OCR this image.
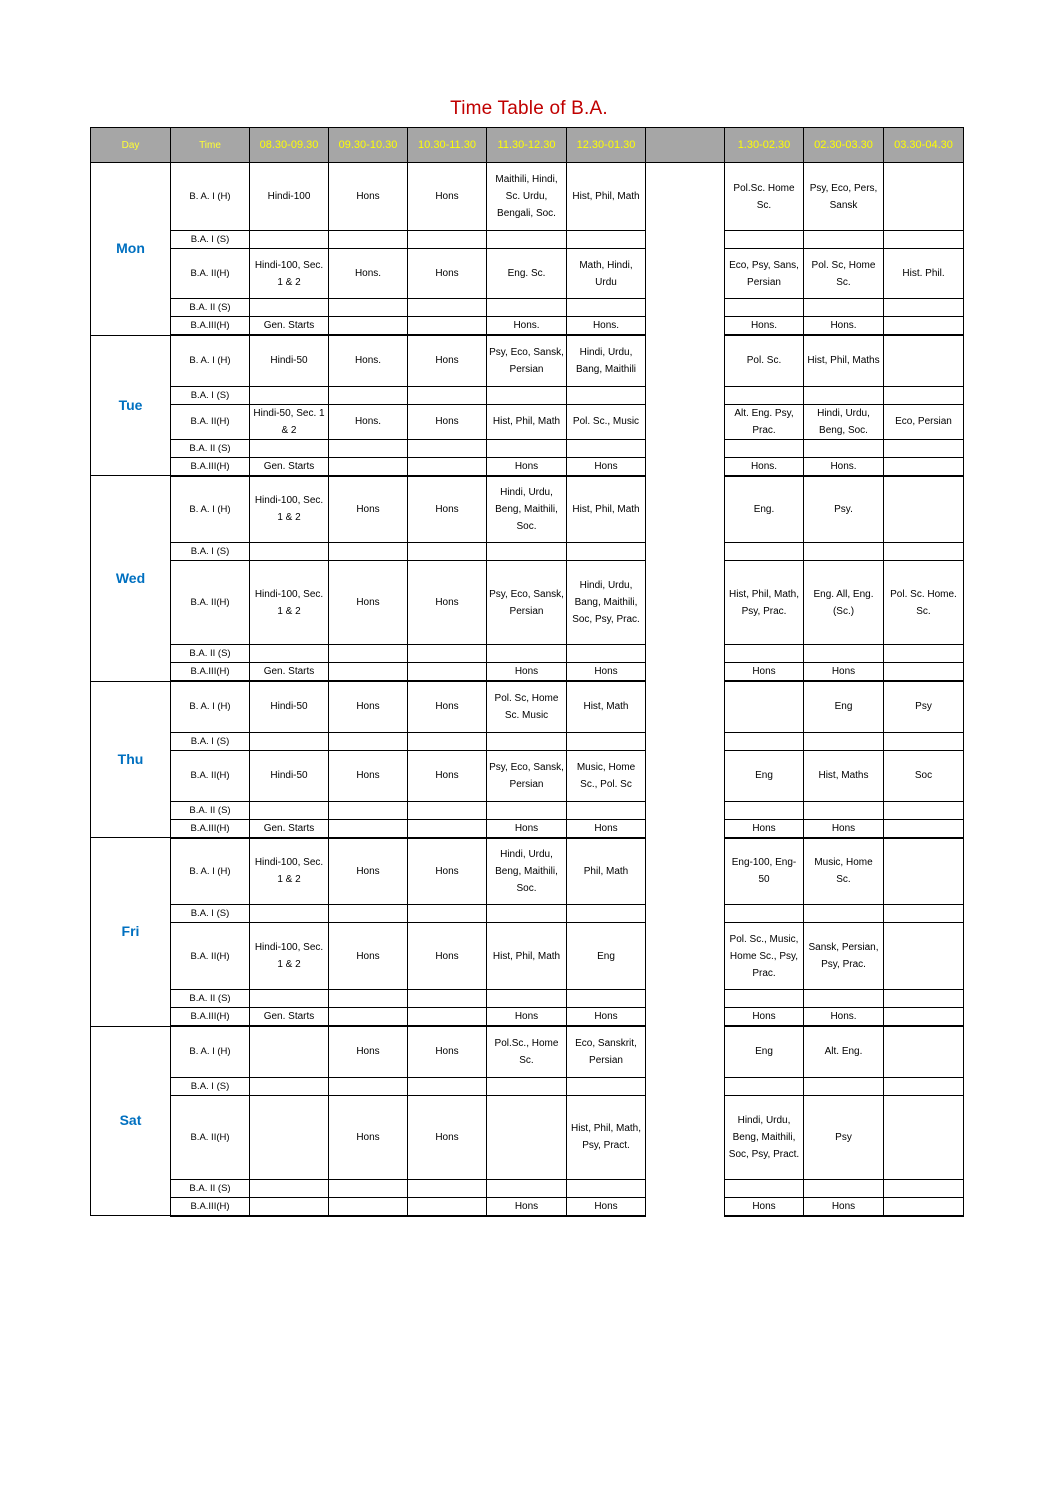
Time Table of B.A.
Day	Time	08.30-09.30	09.30-10.30	10.30-11.30	11.30-12.30	12.30-01.30		1.30-02.30	02.30-03.30	03.30-04.30
Mon	B. A. I (H)	Hindi-100	Hons	Hons	Maithili, Hindi, Sc. Urdu, Bengali, Soc.	Hist, Phil, Math		Pol.Sc. Home Sc.	Psy, Eco, Pers, Sansk	
	B.A. I (S)									
	B.A. II(H)	Hindi-100, Sec. 1 & 2	Hons.	Hons	Eng. Sc.	Math, Hindi, Urdu		Eco, Psy, Sans, Persian	Pol. Sc, Home Sc.	Hist. Phil.
	B.A. II (S)									
	B.A.III(H)	Gen. Starts			Hons.	Hons.		Hons.	Hons.	
Tue	B. A. I (H)	Hindi-50	Hons.	Hons	Psy, Eco, Sansk, Persian	Hindi, Urdu, Bang, Maithili		Pol. Sc.	Hist, Phil, Maths	
	B.A. I (S)									
	B.A. II(H)	Hindi-50, Sec. 1 & 2	Hons.	Hons	Hist, Phil, Math	Pol. Sc., Music		Alt. Eng. Psy, Prac.	Hindi, Urdu, Beng, Soc.	Eco, Persian
	B.A. II (S)									
	B.A.III(H)	Gen. Starts			Hons	Hons		Hons.	Hons.	
Wed	B. A. I (H)	Hindi-100, Sec. 1 & 2	Hons	Hons	Hindi, Urdu, Beng, Maithili, Soc.	Hist, Phil, Math		Eng.	Psy.	
	B.A. I (S)									
	B.A. II(H)	Hindi-100, Sec. 1 & 2	Hons	Hons	Psy, Eco, Sansk, Persian	Hindi, Urdu, Bang, Maithili, Soc, Psy, Prac.		Hist, Phil, Math, Psy, Prac.	Eng. All, Eng. (Sc.)	Pol. Sc. Home. Sc.
	B.A. II (S)									
	B.A.III(H)	Gen. Starts			Hons	Hons		Hons	Hons	
Thu	B. A. I (H)	Hindi-50	Hons	Hons	Pol. Sc, Home Sc. Music	Hist, Math			Eng	Psy
	B.A. I (S)									
	B.A. II(H)	Hindi-50	Hons	Hons	Psy, Eco, Sansk, Persian	Music, Home Sc., Pol. Sc		Eng	Hist, Maths	Soc
	B.A. II (S)									
	B.A.III(H)	Gen. Starts			Hons	Hons		Hons	Hons	
Fri	B. A. I (H)	Hindi-100, Sec. 1 & 2	Hons	Hons	Hindi, Urdu, Beng, Maithili, Soc.	Phil, Math		Eng-100, Eng-50	Music, Home Sc.	
	B.A. I (S)									
	B.A. II(H)	Hindi-100, Sec. 1 & 2	Hons	Hons	Hist, Phil, Math	Eng		Pol. Sc., Music, Home Sc., Psy, Prac.	Sansk, Persian, Psy, Prac.	
	B.A. II (S)									
	B.A.III(H)	Gen. Starts			Hons	Hons		Hons	Hons.	
Sat	B. A. I (H)		Hons	Hons	Pol.Sc., Home Sc.	Eco, Sanskrit, Persian		Eng	Alt. Eng.	
	B.A. I (S)									
	B.A. II(H)		Hons	Hons		Hist, Phil, Math, Psy, Pract.		Hindi, Urdu, Beng, Maithili, Soc, Psy, Pract.	Psy	
	B.A. II (S)									
	B.A.III(H)				Hons	Hons		Hons	Hons	
